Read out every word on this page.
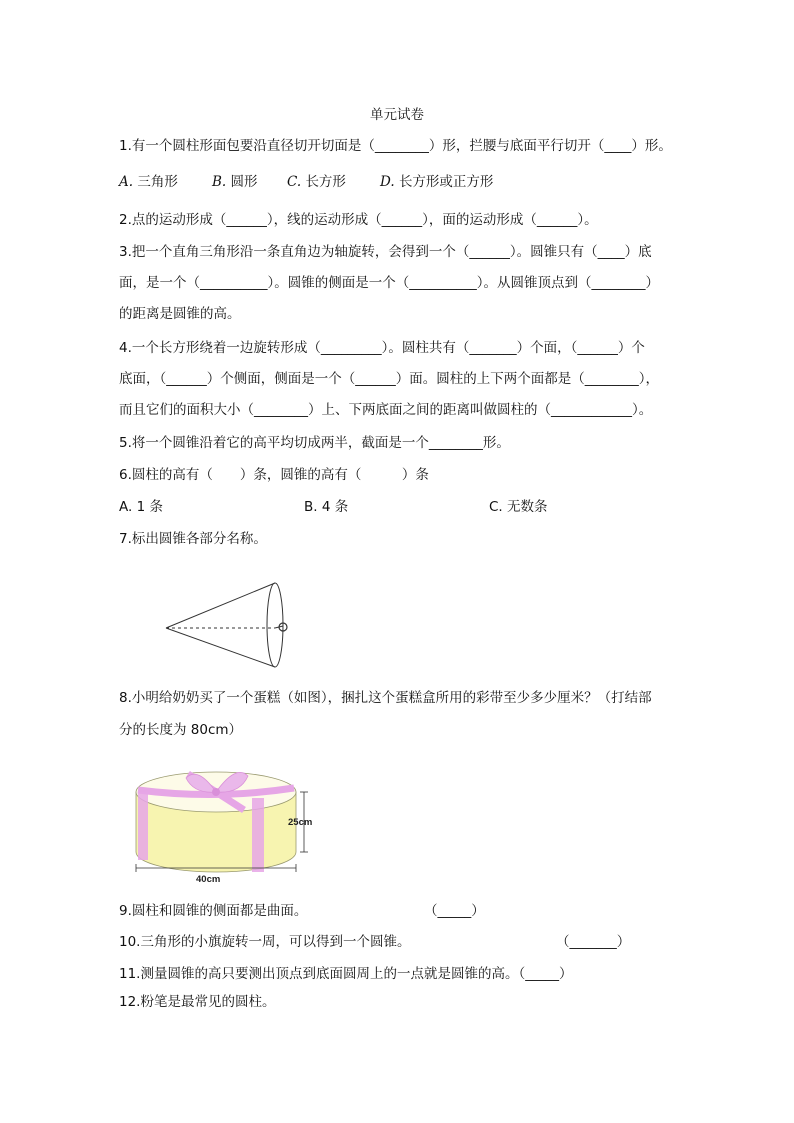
单元试卷
1.有一个圆柱形面包要沿直径切开切面是（________）形，拦腰与底面平行切开（____）形。
A. 三角形	B. 圆形 C. 长方形	D. 长方形或正方形
2.点的运动形成（______），线的运动形成（______），面的运动形成（______）。
3.把一个直角三角形沿一条直角边为轴旋转，会得到一个（______）。圆锥只有（____）底
面，是一个（__________）。圆锥的侧面是一个（__________）。从圆锥顶点到（________）
的距离是圆锥的高。
4.一个长方形绕着一边旋转形成（_________）。圆柱共有（_______）个面，（______）个
底面，（______）个侧面，侧面是一个（______）面。圆柱的上下两个面都是（________），
而且它们的面积大小（________）上、下两底面之间的距离叫做圆柱的（____________）。
5.将一个圆锥沿着它的高平均切成两半，截面是一个________形。
6.圆柱的高有（　　）条，圆锥的高有（　　　）条
A. 1 条	B. 4 条	C. 无数条
7.标出圆锥各部分名称。
8.小明给奶奶买了一个蛋糕（如图），捆扎这个蛋糕盒所用的彩带至少多少厘米？（打结部
分的长度为 80cm）
25cm
40cm
9.圆柱和圆锥的侧面都是曲面。	（_____）
10.三角形的小旗旋转一周，可以得到一个圆锥。	（_______）
11.测量圆锥的高只要测出顶点到底面圆周上的一点就是圆锥的高。（_____）
12.粉笔是最常见的圆柱。
